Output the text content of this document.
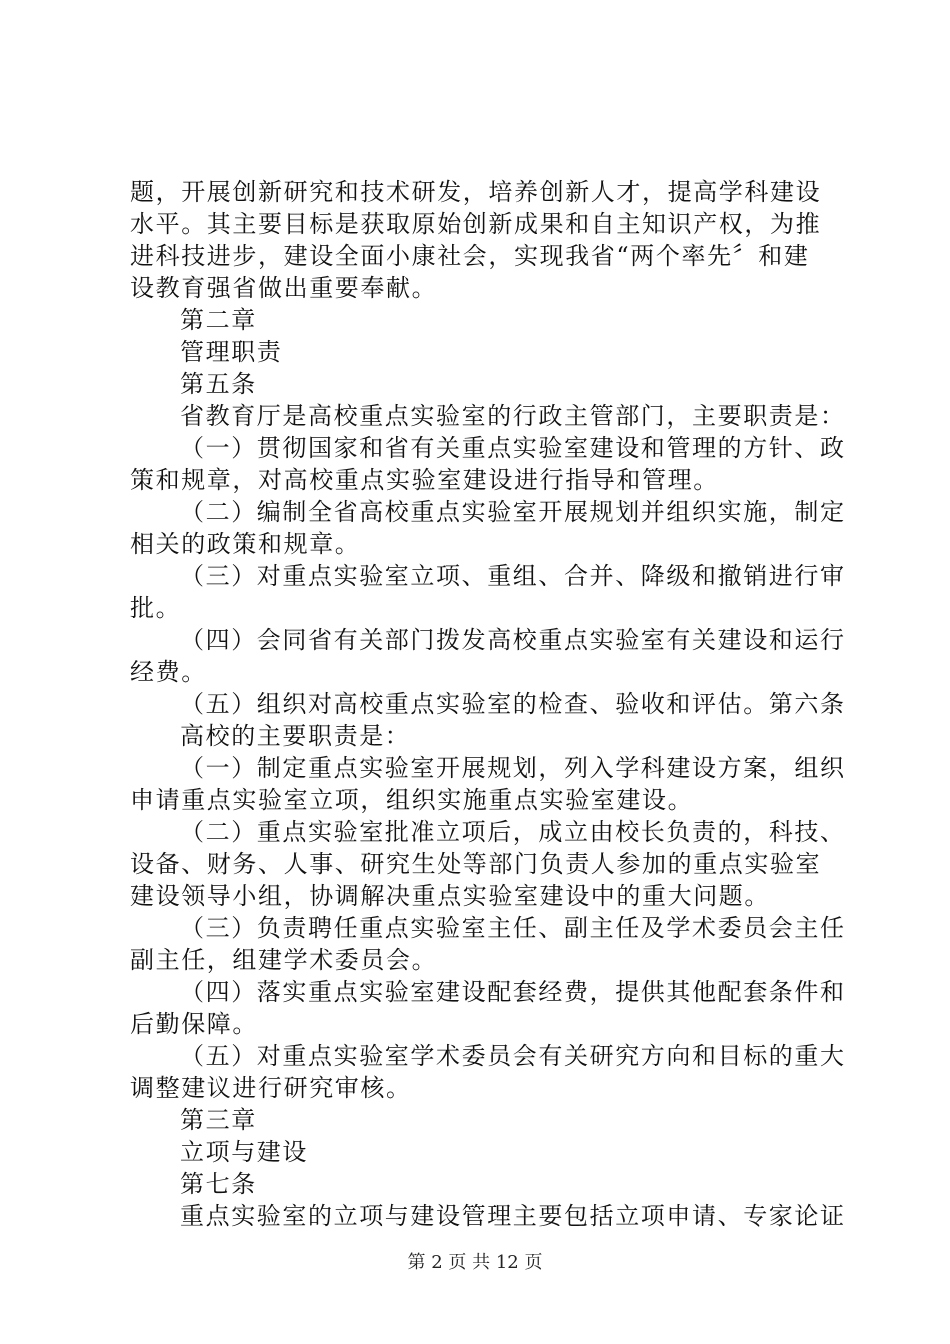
题，开展创新研究和技术研发，培养创新人才，提高学科建设
水平。其主要目标是获取原始创新成果和自主知识产权，为推
进科技进步，建设全面小康社会，实现我省“两个率先〞和建
设教育强省做出重要奉献。
第二章
管理职责
第五条
省教育厅是高校重点实验室的行政主管部门，主要职责是：
（一）贯彻国家和省有关重点实验室建设和管理的方针、政
策和规章，对高校重点实验室建设进行指导和管理。
（二）编制全省高校重点实验室开展规划并组织实施，制定
相关的政策和规章。
（三）对重点实验室立项、重组、合并、降级和撤销进行审
批。
（四）会同省有关部门拨发高校重点实验室有关建设和运行
经费。
（五）组织对高校重点实验室的检查、验收和评估。第六条
高校的主要职责是：
（一）制定重点实验室开展规划，列入学科建设方案，组织
申请重点实验室立项，组织实施重点实验室建设。
（二）重点实验室批准立项后，成立由校长负责的，科技、
设备、财务、人事、研究生处等部门负责人参加的重点实验室
建设领导小组，协调解决重点实验室建设中的重大问题。
（三）负责聘任重点实验室主任、副主任及学术委员会主任
副主任，组建学术委员会。
（四）落实重点实验室建设配套经费，提供其他配套条件和
后勤保障。
（五）对重点实验室学术委员会有关研究方向和目标的重大
调整建议进行研究审核。
第三章
立项与建设
第七条
重点实验室的立项与建设管理主要包括立项申请、专家论证
第 2 页 共 12 页
